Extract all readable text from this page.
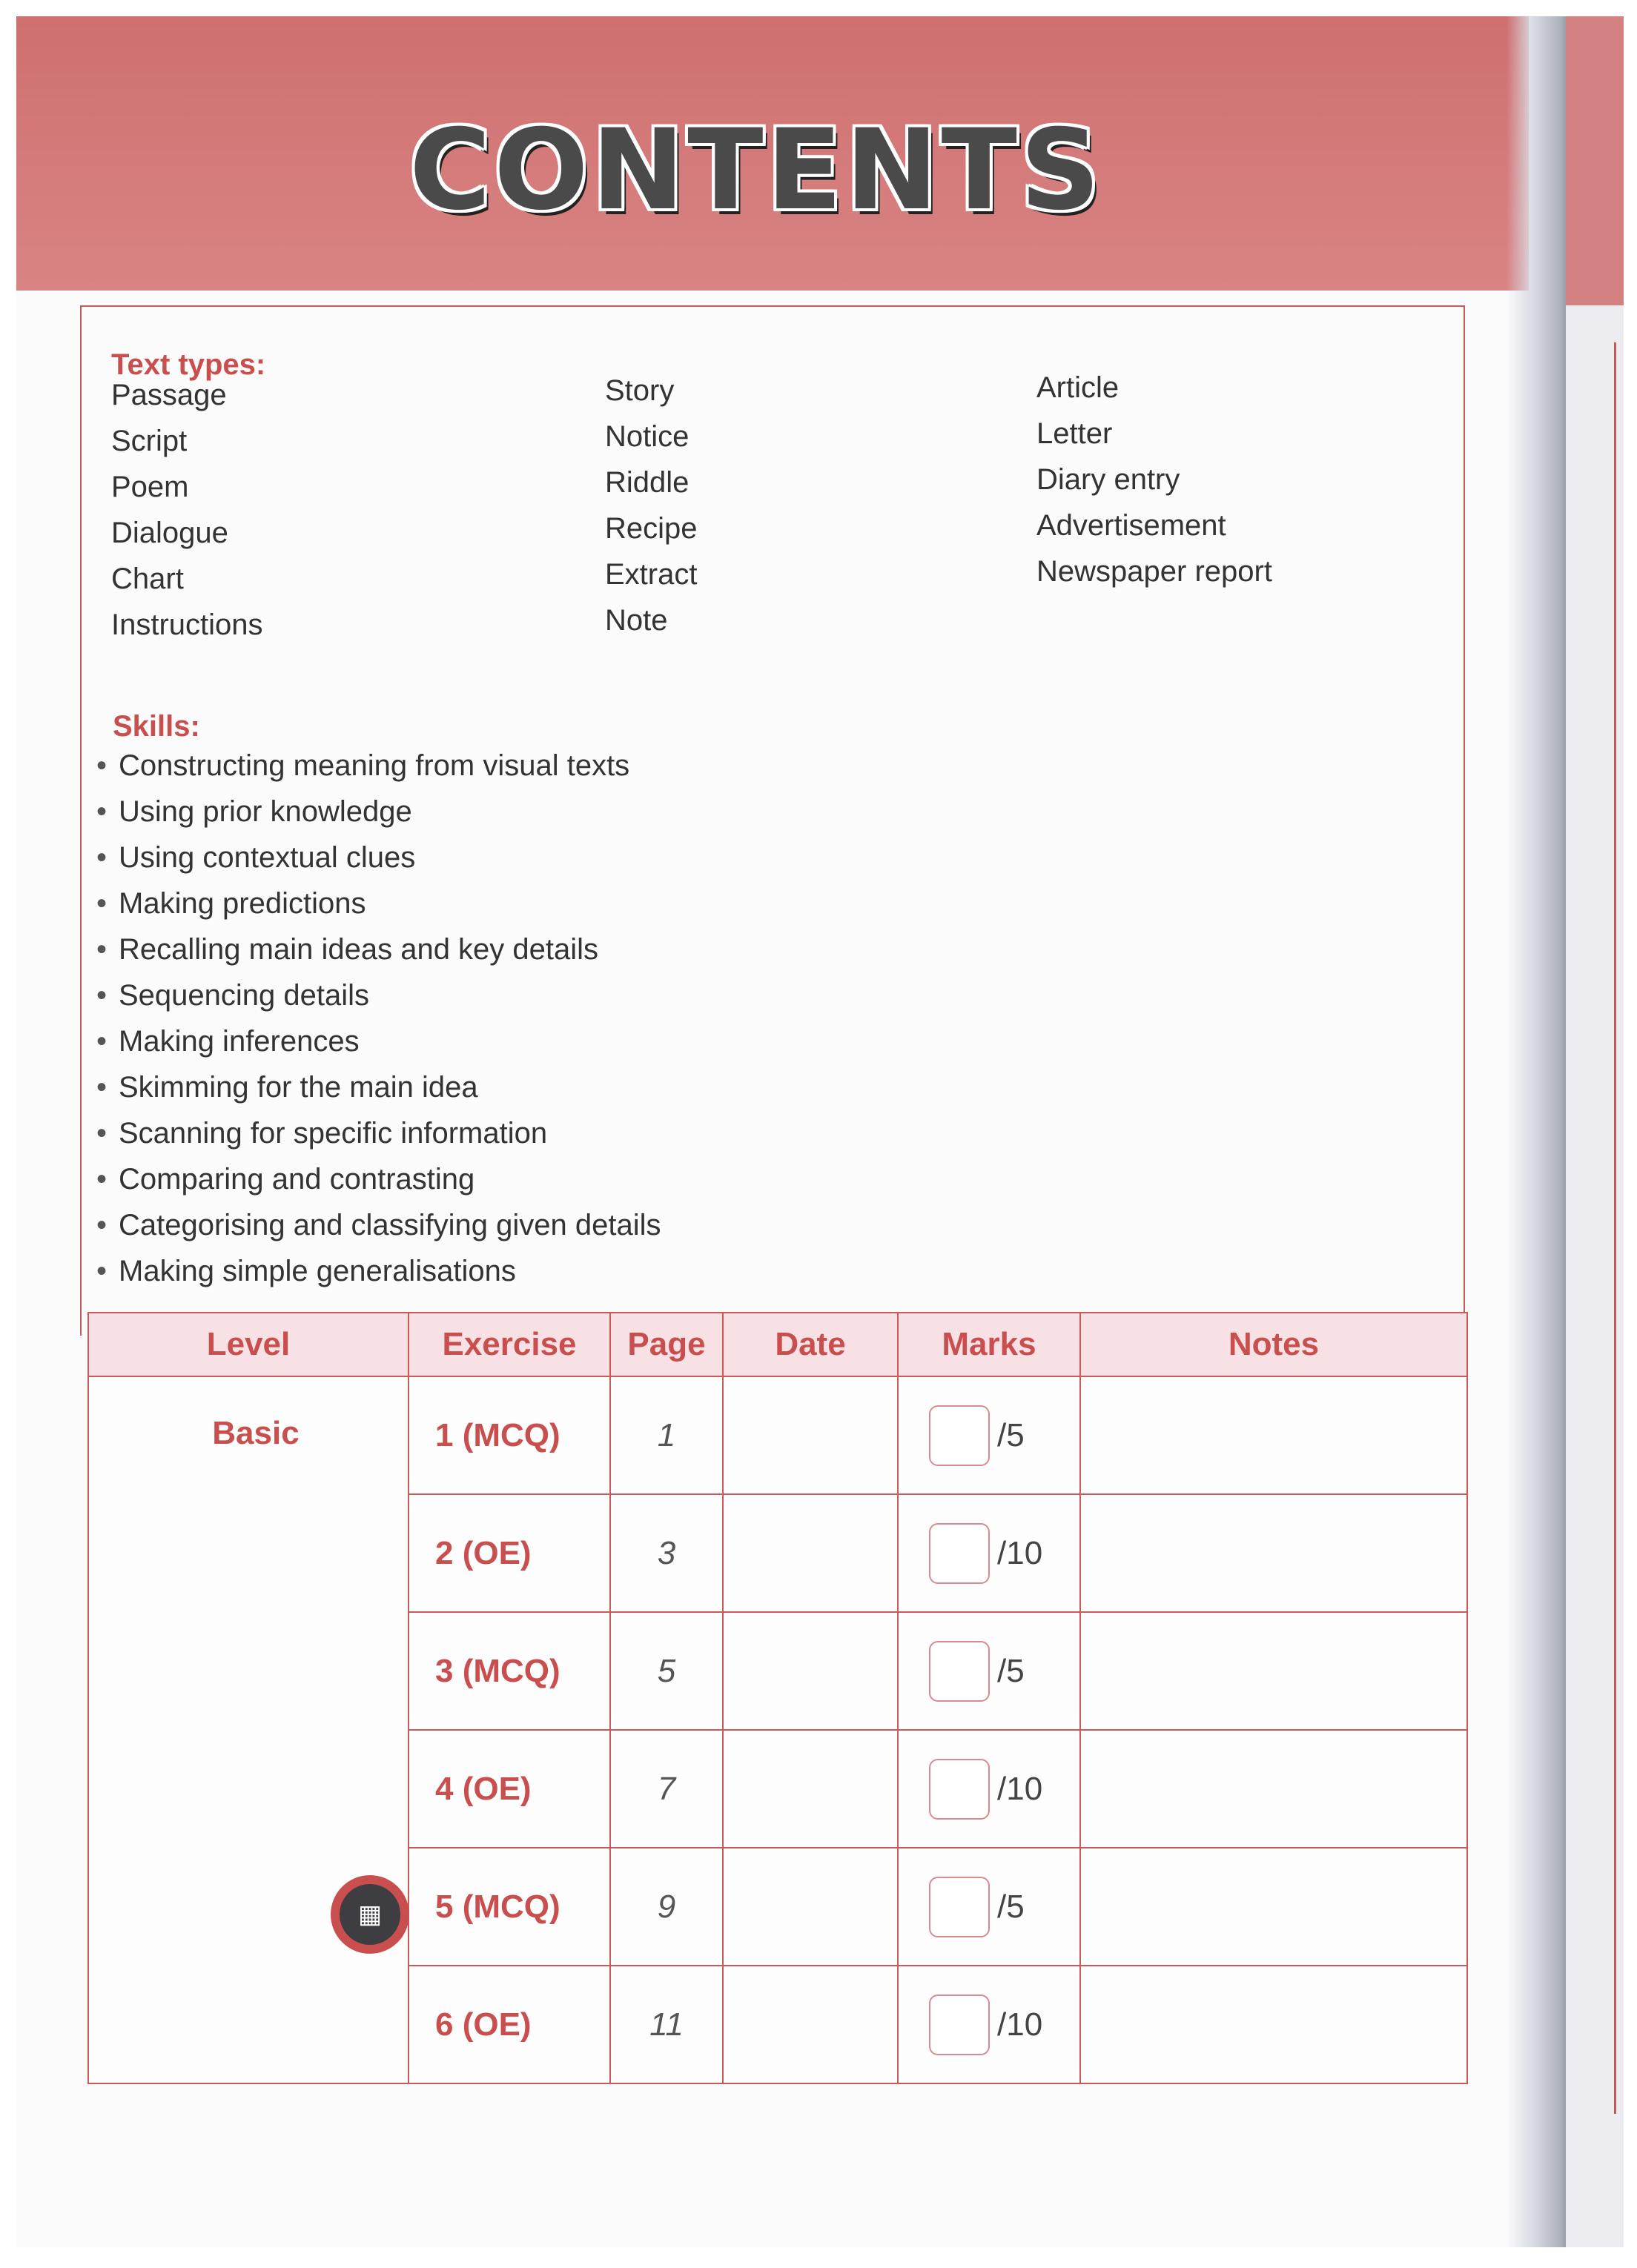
CONTENTS
Text types:
Passage
Script
Poem
Dialogue
Chart
Instructions
Story
Notice
Riddle
Recipe
Extract
Note
Article
Letter
Diary entry
Advertisement
Newspaper report
Skills:
• Constructing meaning from visual texts
• Using prior knowledge
• Using contextual clues
• Making predictions
• Recalling main ideas and key details
• Sequencing details
• Making inferences
• Skimming for the main idea
• Scanning for specific information
• Comparing and contrasting
• Categorising and classifying given details
• Making simple generalisations
Level	Exercise	Page	Date	Marks	Notes

Basic	1 (MCQ)	1		/5	

	2 (OE)	3		/10	

	3 (MCQ)	5		/5	

	4 (OE)	7		/10	

	5 (MCQ)	9		/5	

	6 (OE)	11		/10	

▦
